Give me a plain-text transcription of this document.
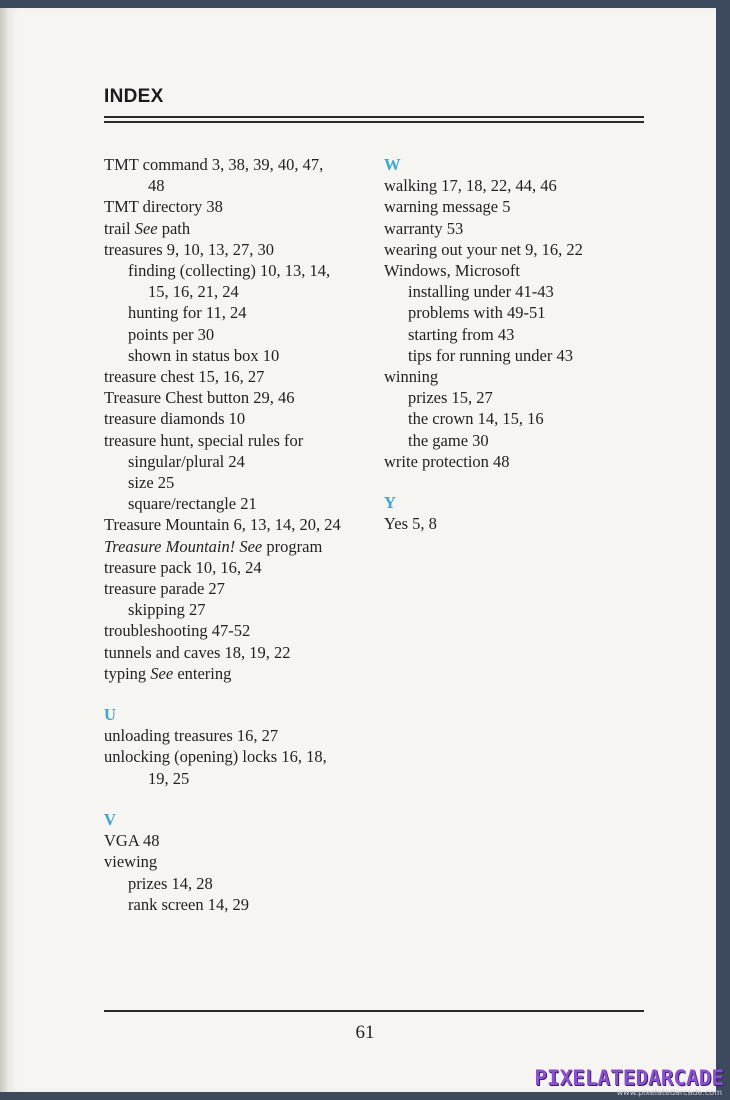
INDEX
TMT command 3, 38, 39, 40, 47,
48
TMT directory 38
trail See path
treasures 9, 10, 13, 27, 30
finding (collecting) 10, 13, 14,
15, 16, 21, 24
hunting for 11, 24
points per 30
shown in status box 10
treasure chest 15, 16, 27
Treasure Chest button 29, 46
treasure diamonds 10
treasure hunt, special rules for
singular/plural 24
size 25
square/rectangle 21
Treasure Mountain 6, 13, 14, 20, 24
Treasure Mountain! See program
treasure pack 10, 16, 24
treasure parade 27
skipping 27
troubleshooting 47-52
tunnels and caves 18, 19, 22
typing See entering
U
unloading treasures 16, 27
unlocking (opening) locks 16, 18,
19, 25
V
VGA 48
viewing
prizes 14, 28
rank screen 14, 29
W
walking 17, 18, 22, 44, 46
warning message 5
warranty 53
wearing out your net 9, 16, 22
Windows, Microsoft
installing under 41-43
problems with 49-51
starting from 43
tips for running under 43
winning
prizes 15, 27
the crown 14, 15, 16
the game 30
write protection 48
Y
Yes 5, 8
61
PIXELATEDARCADE
www.pixelatedarcade.com
